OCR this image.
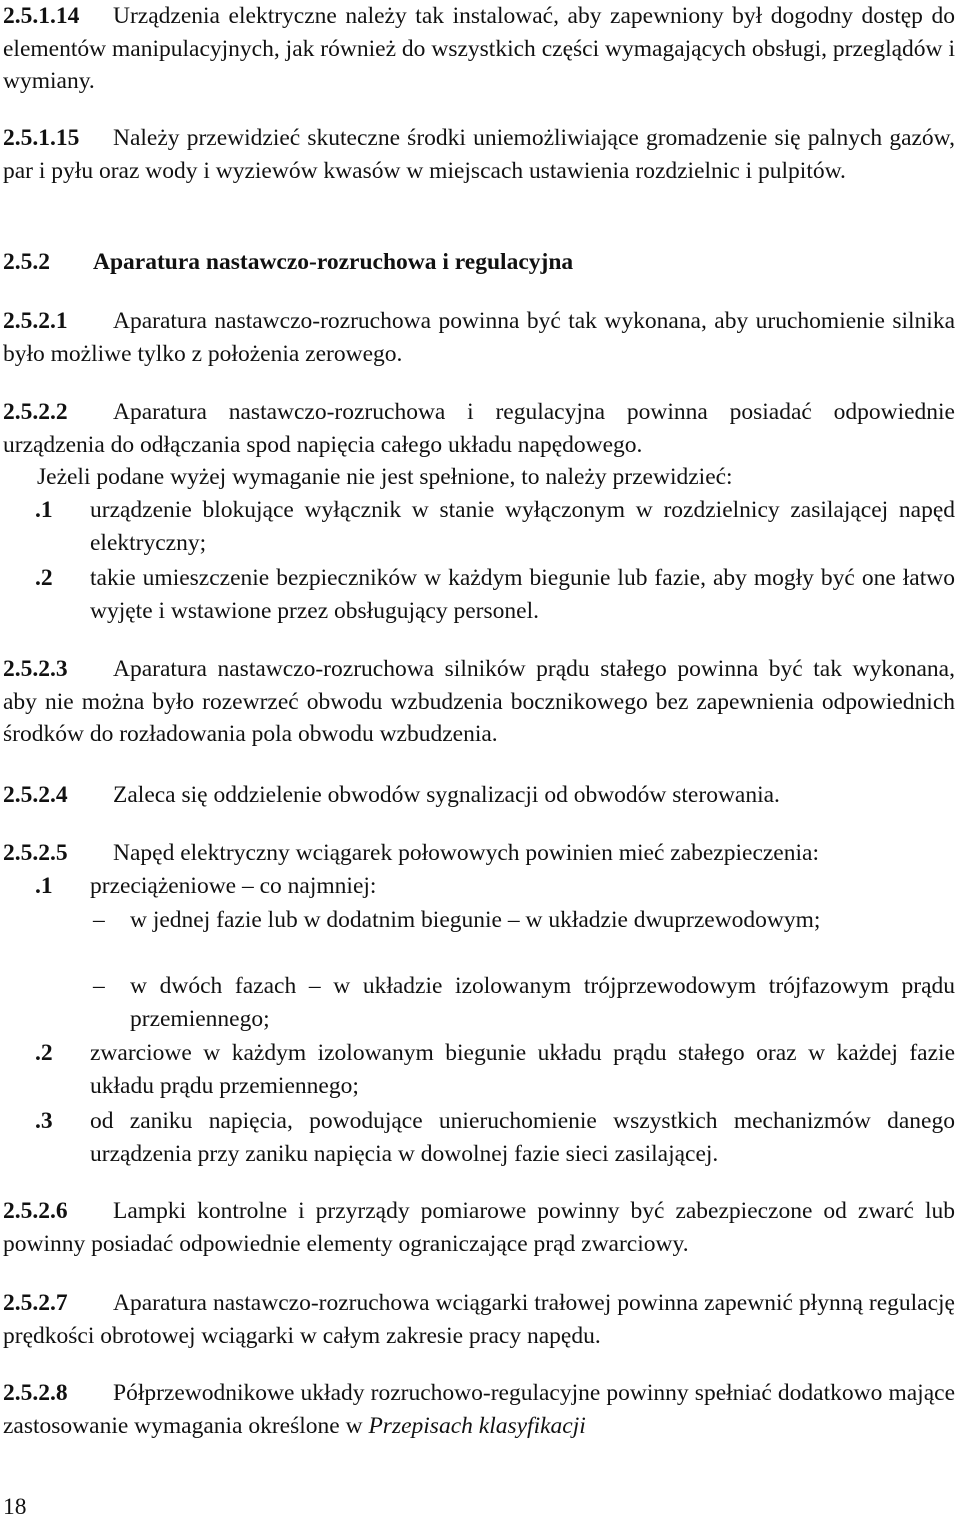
2.5.1.14 Urządzenia elektryczne należy tak instalować, aby zapewniony był dogodny dostęp do elementów manipulacyjnych, jak również do wszystkich części wymagających obsługi, przeglądów i wymiany.
2.5.1.15 Należy przewidzieć skuteczne środki uniemożliwiające gromadzenie się palnych gazów, par i pyłu oraz wody i wyziewów kwasów w miejscach ustawienia rozdzielnic i pulpitów.
2.5.2 Aparatura nastawczo-rozruchowa i regulacyjna
2.5.2.1 Aparatura nastawczo-rozruchowa powinna być tak wykonana, aby uruchomienie silnika było możliwe tylko z położenia zerowego.
2.5.2.2 Aparatura nastawczo-rozruchowa i regulacyjna powinna posiadać odpowiednie urządzenia do odłączania spod napięcia całego układu napędowego.
Jeżeli podane wyżej wymaganie nie jest spełnione, to należy przewidzieć:
.1 urządzenie blokujące wyłącznik w stanie wyłączonym w rozdzielnicy zasilającej napęd elektryczny;
.2 takie umieszczenie bezpieczników w każdym biegunie lub fazie, aby mogły być one łatwo wyjęte i wstawione przez obsługujący personel.
2.5.2.3 Aparatura nastawczo-rozruchowa silników prądu stałego powinna być tak wykonana, aby nie można było rozewrzeć obwodu wzbudzenia bocznikowego bez zapewnienia odpowiednich środków do rozładowania pola obwodu wzbudzenia.
2.5.2.4 Zaleca się oddzielenie obwodów sygnalizacji od obwodów sterowania.
2.5.2.5 Napęd elektryczny wciągarek połowowych powinien mieć zabezpieczenia:
.1 przeciążeniowe – co najmniej:
– w jednej fazie lub w dodatnim biegunie – w układzie dwuprzewodowym;
– w dwóch fazach – w układzie izolowanym trójprzewodowym trójfazowym prądu przemiennego;
.2 zwarciowe w każdym izolowanym biegunie układu prądu stałego oraz w każdej fazie układu prądu przemiennego;
.3 od zaniku napięcia, powodujące unieruchomienie wszystkich mechanizmów danego urządzenia przy zaniku napięcia w dowolnej fazie sieci zasilającej.
2.5.2.6 Lampki kontrolne i przyrządy pomiarowe powinny być zabezpieczone od zwarć lub powinny posiadać odpowiednie elementy ograniczające prąd zwarciowy.
2.5.2.7 Aparatura nastawczo-rozruchowa wciągarki trałowej powinna zapewnić płynną regulację prędkości obrotowej wciągarki w całym zakresie pracy napędu.
2.5.2.8 Półprzewodnikowe układy rozruchowo-regulacyjne powinny spełniać dodatkowo mające zastosowanie wymagania określone w Przepisach klasyfikacji
18
